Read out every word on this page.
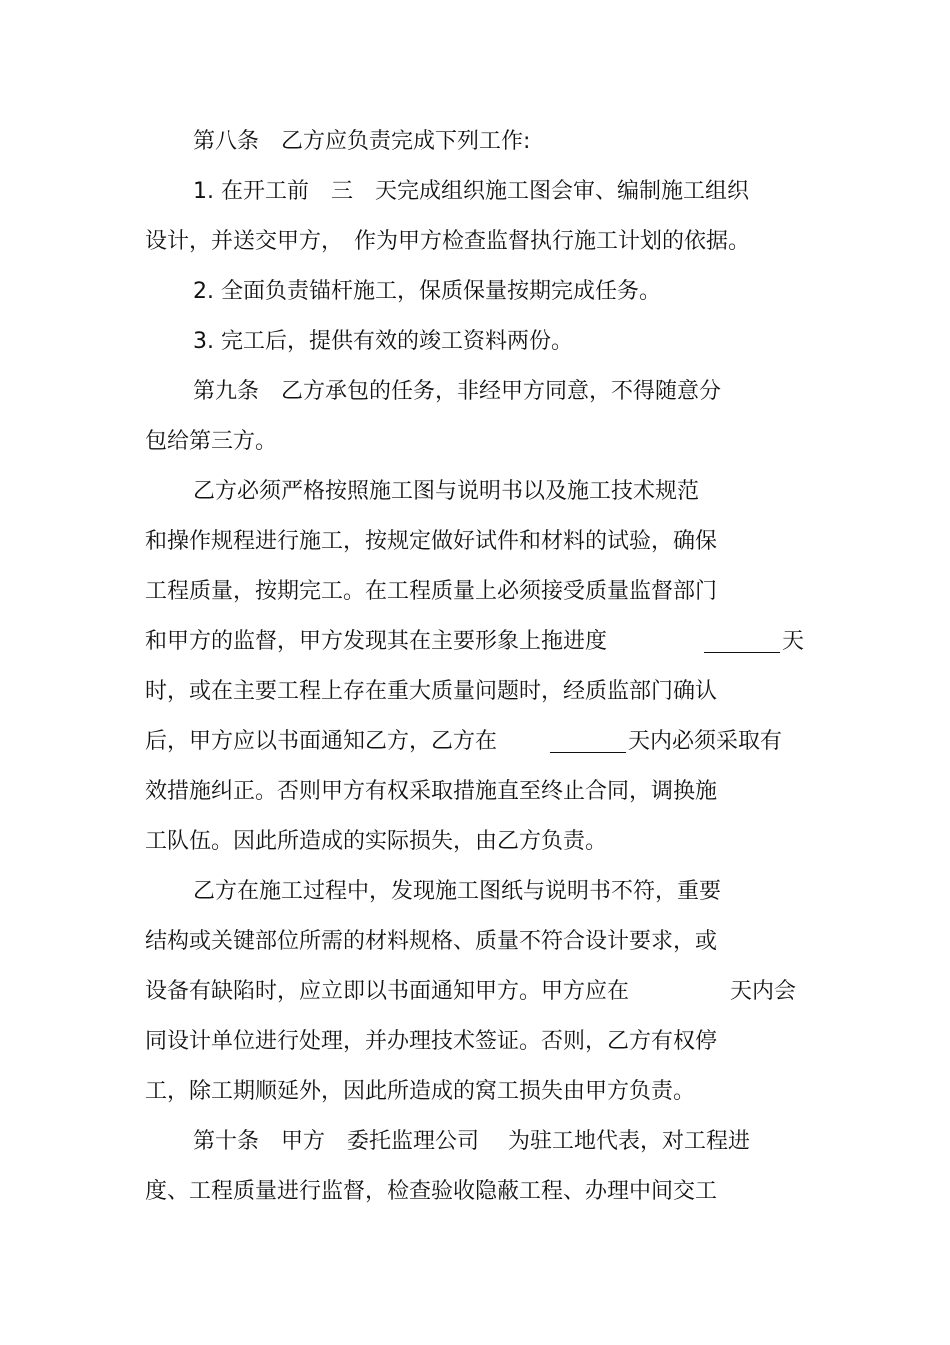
第八条　乙方应负责完成下列工作:
1. 在开工前　三　天完成组织施工图会审、编制施工组织
设计，并送交甲方，　作为甲方检查监督执行施工计划的依据。
2. 全面负责锚杆施工，保质保量按期完成任务。
3. 完工后，提供有效的竣工资料两份。
第九条　乙方承包的任务，非经甲方同意，不得随意分
包给第三方。
乙方必须严格按照施工图与说明书以及施工技术规范
和操作规程进行施工，按规定做好试件和材料的试验，确保
工程质量，按期完工。在工程质量上必须接受质量监督部门
和甲方的监督，甲方发现其在主要形象上拖进度	天
时，或在主要工程上存在重大质量问题时，经质监部门确认
后，甲方应以书面通知乙方，乙方在	天内必须采取有
效措施纠正。否则甲方有权采取措施直至终止合同，调换施
工队伍。因此所造成的实际损失，由乙方负责。
乙方在施工过程中，发现施工图纸与说明书不符，重要
结构或关键部位所需的材料规格、质量不符合设计要求，或
设备有缺陷时，应立即以书面通知甲方。甲方应在	天内会
同设计单位进行处理，并办理技术签证。否则，乙方有权停
工，除工期顺延外，因此所造成的窝工损失由甲方负责。
第十条　甲方　委托监理公司　 为驻工地代表，对工程进
度、工程质量进行监督，检查验收隐蔽工程、办理中间交工
